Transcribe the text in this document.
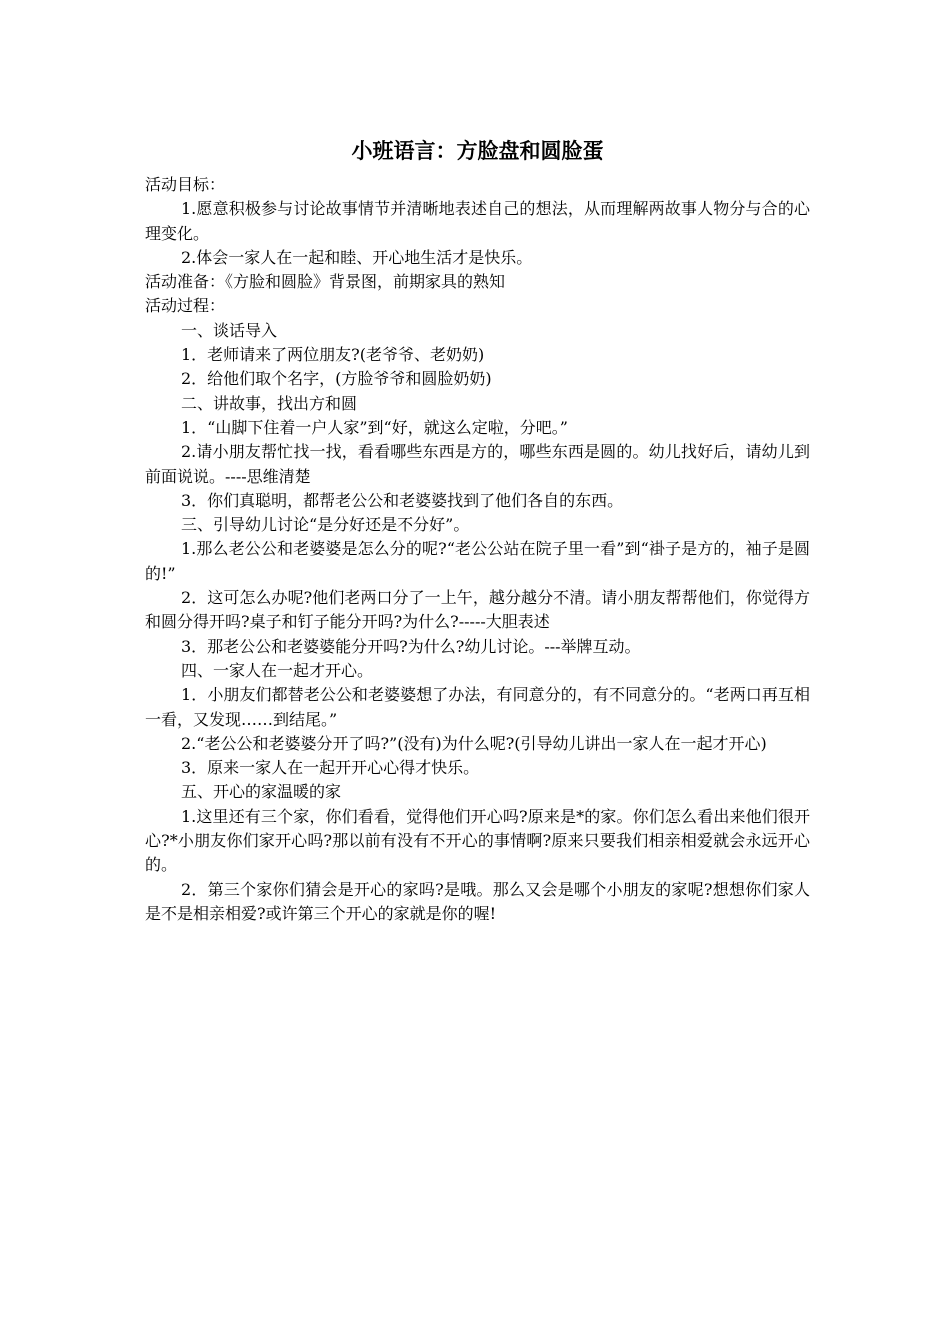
小班语言：方脸盘和圆脸蛋

活动目标：

1.愿意积极参与讨论故事情节并清晰地表述自己的想法，从而理解两故事人物分与合的心理变化。

2.体会一家人在一起和睦、开心地生活才是快乐。

活动准备：《方脸和圆脸》背景图，前期家具的熟知

活动过程：

一、谈话导入

1．老师请来了两位朋友?(老爷爷、老奶奶)

2．给他们取个名字，(方脸爷爷和圆脸奶奶)

二、讲故事，找出方和圆

1．“山脚下住着一户人家”到“好，就这么定啦，分吧。”

2.请小朋友帮忙找一找，看看哪些东西是方的，哪些东西是圆的。幼儿找好后，请幼儿到前面说说。----思维清楚

3．你们真聪明，都帮老公公和老婆婆找到了他们各自的东西。

三、引导幼儿讨论“是分好还是不分好”。

1.那么老公公和老婆婆是怎么分的呢?“老公公站在院子里一看”到“褂子是方的，袖子是圆的!”

2．这可怎么办呢?他们老两口分了一上午，越分越分不清。请小朋友帮帮他们，你觉得方和圆分得开吗?桌子和钉子能分开吗?为什么?-----大胆表述

3．那老公公和老婆婆能分开吗?为什么?幼儿讨论。---举牌互动。

四、一家人在一起才开心。

1．小朋友们都替老公公和老婆婆想了办法，有同意分的，有不同意分的。“老两口再互相一看，又发现……到结尾。”

2.“老公公和老婆婆分开了吗?”(没有)为什么呢?(引导幼儿讲出一家人在一起才开心)

3．原来一家人在一起开开心心得才快乐。

五、开心的家温暖的家

1.这里还有三个家，你们看看，觉得他们开心吗?原来是*的家。你们怎么看出来他们很开心?*小朋友你们家开心吗?那以前有没有不开心的事情啊?原来只要我们相亲相爱就会永远开心的。

2．第三个家你们猜会是开心的家吗?是哦。那么又会是哪个小朋友的家呢?想想你们家人是不是相亲相爱?或许第三个开心的家就是你的喔!
